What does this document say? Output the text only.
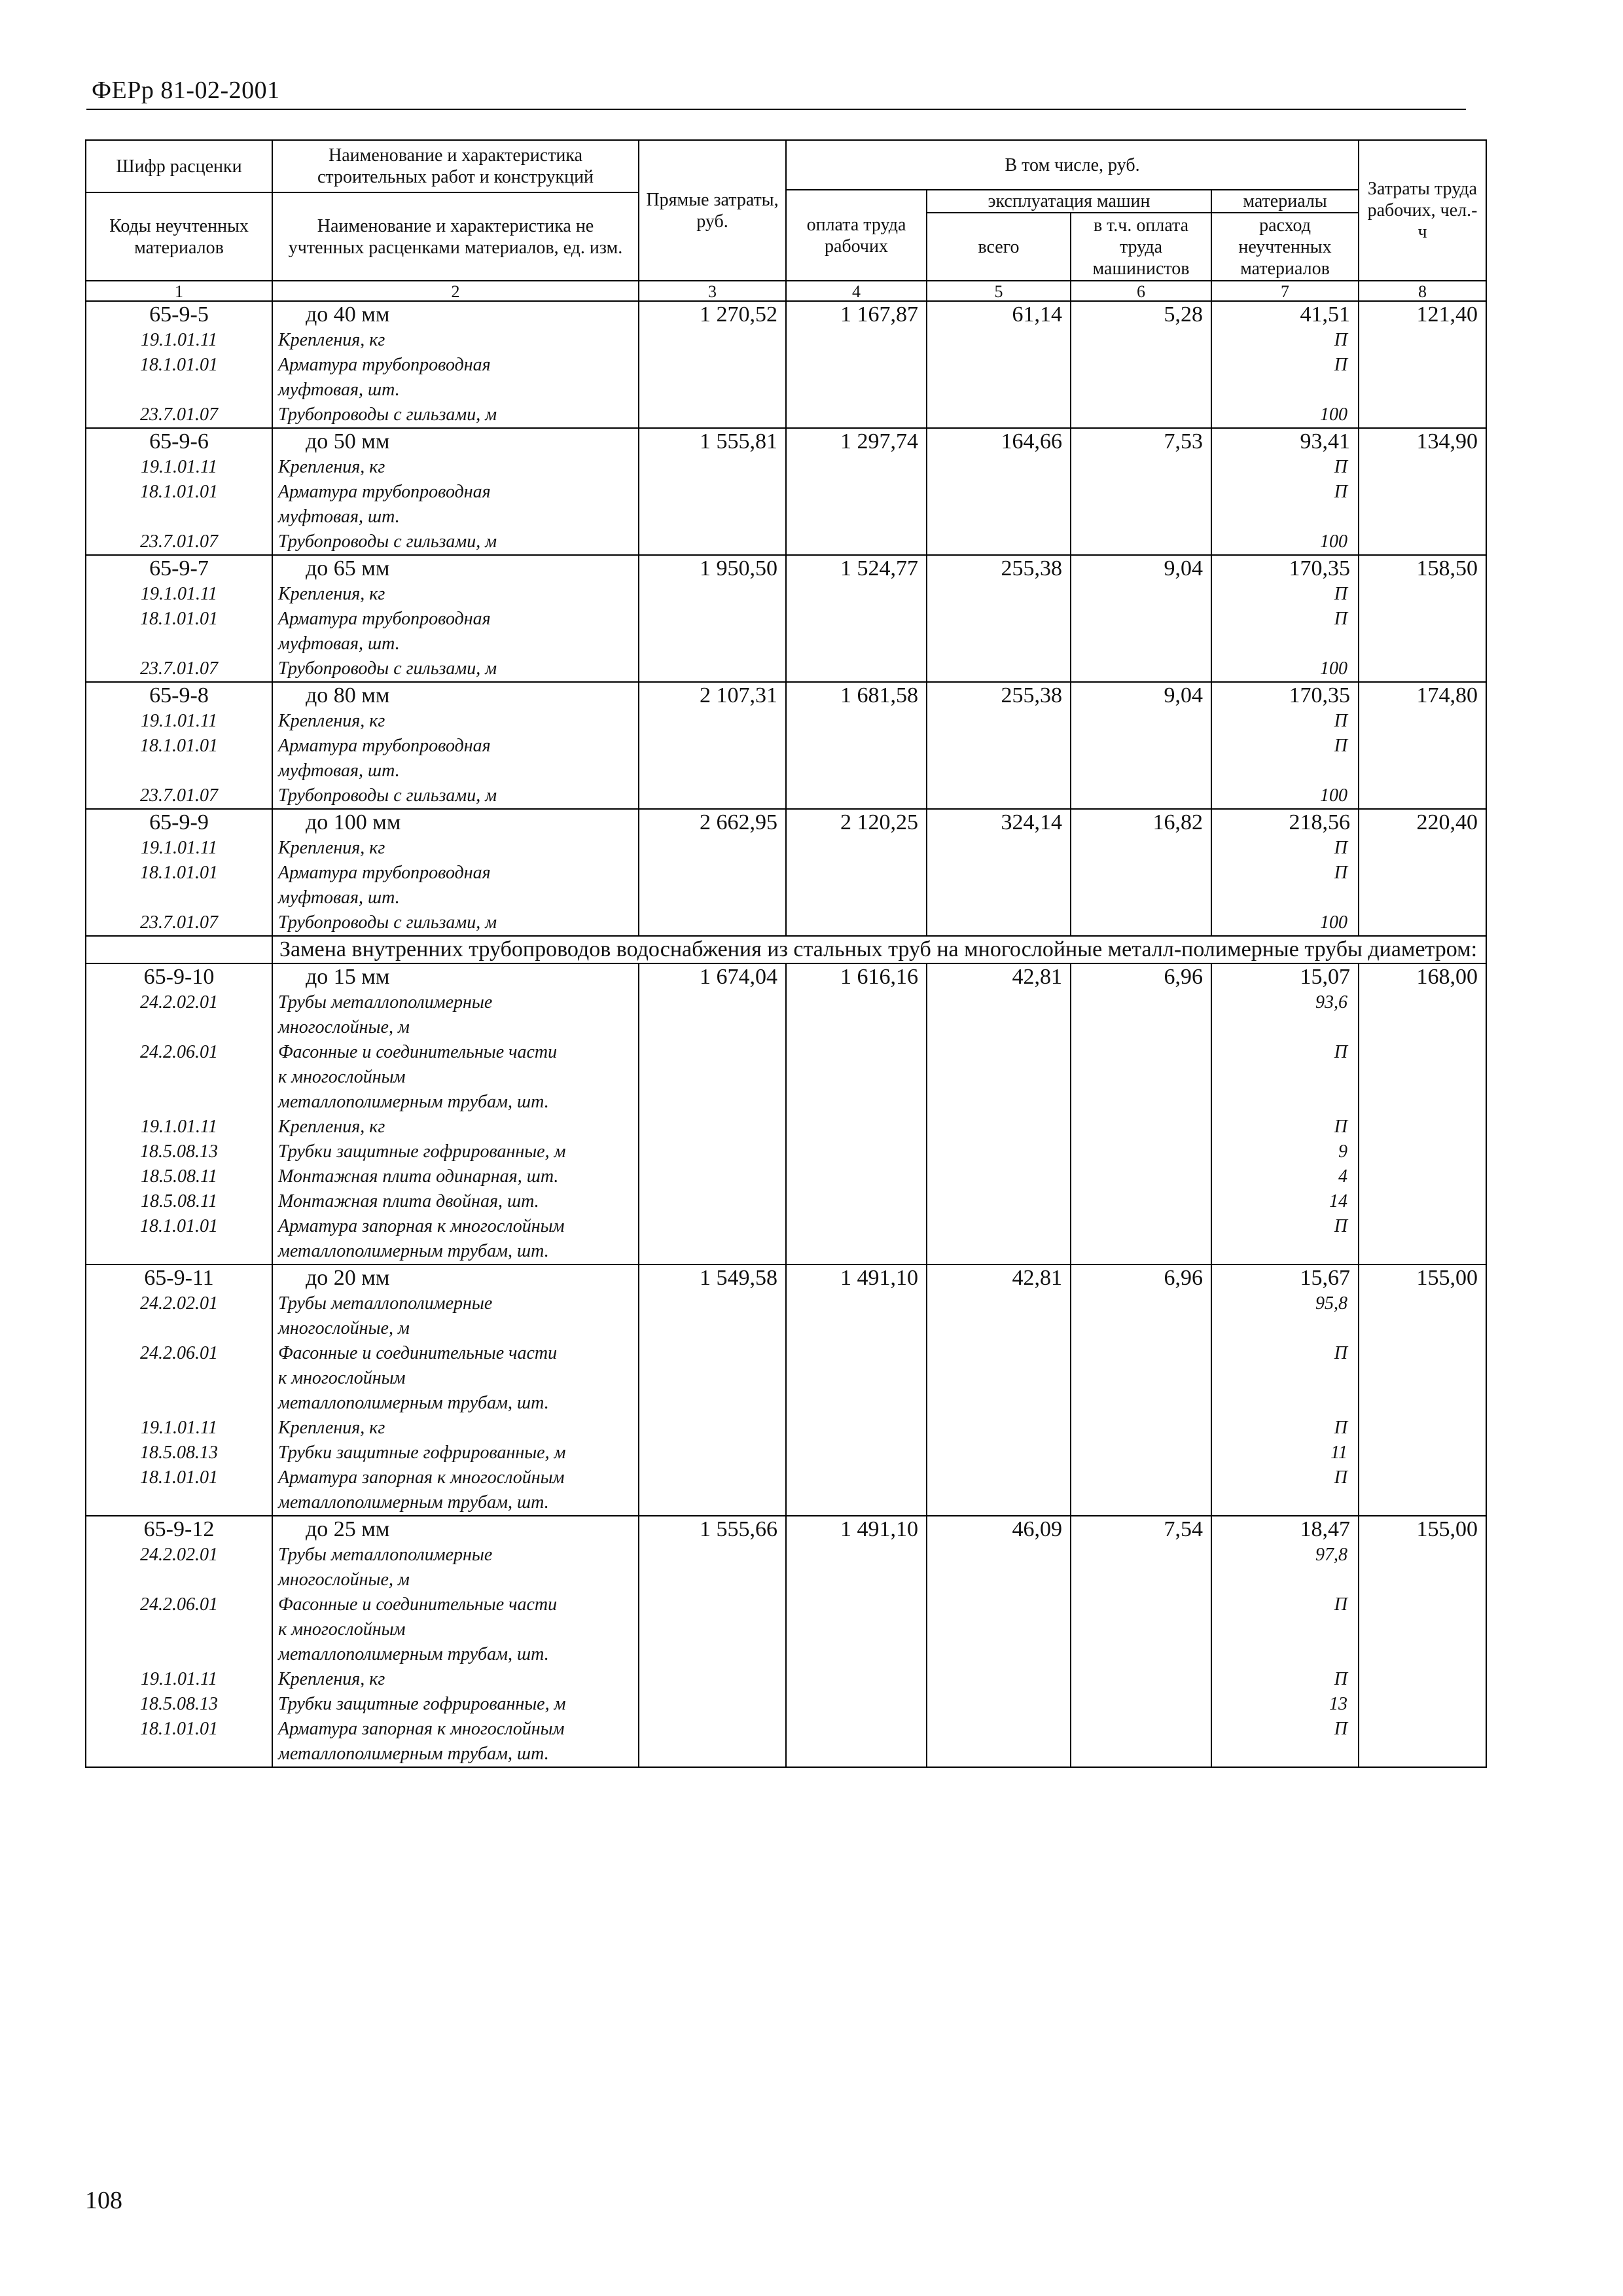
ФЕРр 81-02-2001
Шифр расценки	Наименование и характеристика строительных работ и конструкций	Прямые затраты, руб.	В том числе, руб.				Затраты труда рабочих, чел.-ч
			оплата труда рабочих	эксплуатация машин		материалы	
Коды неучтенных материалов	Наименование и характеристика не учтенных расценками материалов, ед. изм.						
				всего	в т.ч. оплата труда машинистов	расход неучтенных материалов	
1	2	3	4	5	6	7	8
65-9-5	до 40 мм	1 270,52	1 167,87	61,14	5,28	41,51	121,40
19.1.01.11	Крепления, кг					П	
18.1.01.01	Арматура трубопроводная					П	
	муфтовая, шт.						
23.7.01.07	Трубопроводы с гильзами, м					100	
65-9-6	до 50 мм	1 555,81	1 297,74	164,66	7,53	93,41	134,90
19.1.01.11	Крепления, кг					П	
18.1.01.01	Арматура трубопроводная					П	
	муфтовая, шт.						
23.7.01.07	Трубопроводы с гильзами, м					100	
65-9-7	до 65 мм	1 950,50	1 524,77	255,38	9,04	170,35	158,50
19.1.01.11	Крепления, кг					П	
18.1.01.01	Арматура трубопроводная					П	
	муфтовая, шт.						
23.7.01.07	Трубопроводы с гильзами, м					100	
65-9-8	до 80 мм	2 107,31	1 681,58	255,38	9,04	170,35	174,80
19.1.01.11	Крепления, кг					П	
18.1.01.01	Арматура трубопроводная					П	
	муфтовая, шт.						
23.7.01.07	Трубопроводы с гильзами, м					100	
65-9-9	до 100 мм	2 662,95	2 120,25	324,14	16,82	218,56	220,40
19.1.01.11	Крепления, кг					П	
18.1.01.01	Арматура трубопроводная					П	
	муфтовая, шт.						
23.7.01.07	Трубопроводы с гильзами, м					100	
	Замена внутренних трубопроводов водоснабжения из стальных труб на многослойные металл-полимерные трубы диаметром:						
65-9-10	до 15 мм	1 674,04	1 616,16	42,81	6,96	15,07	168,00
24.2.02.01	Трубы металлополимерные					93,6	
	многослойные, м						
24.2.06.01	Фасонные и соединительные части					П	
	к многослойным						
	металлополимерным трубам, шт.						
19.1.01.11	Крепления, кг					П	
18.5.08.13	Трубки защитные гофрированные, м					9	
18.5.08.11	Монтажная плита одинарная, шт.					4	
18.5.08.11	Монтажная плита двойная, шт.					14	
18.1.01.01	Арматура запорная к многослойным					П	
	металлополимерным трубам, шт.						
65-9-11	до 20 мм	1 549,58	1 491,10	42,81	6,96	15,67	155,00
24.2.02.01	Трубы металлополимерные					95,8	
	многослойные, м						
24.2.06.01	Фасонные и соединительные части					П	
	к многослойным						
	металлополимерным трубам, шт.						
19.1.01.11	Крепления, кг					П	
18.5.08.13	Трубки защитные гофрированные, м					11	
18.1.01.01	Арматура запорная к многослойным					П	
	металлополимерным трубам, шт.						
65-9-12	до 25 мм	1 555,66	1 491,10	46,09	7,54	18,47	155,00
24.2.02.01	Трубы металлополимерные					97,8	
	многослойные, м						
24.2.06.01	Фасонные и соединительные части					П	
	к многослойным						
	металлополимерным трубам, шт.						
19.1.01.11	Крепления, кг					П	
18.5.08.13	Трубки защитные гофрированные, м					13	
18.1.01.01	Арматура запорная к многослойным					П	
	металлополимерным трубам, шт.						
108
